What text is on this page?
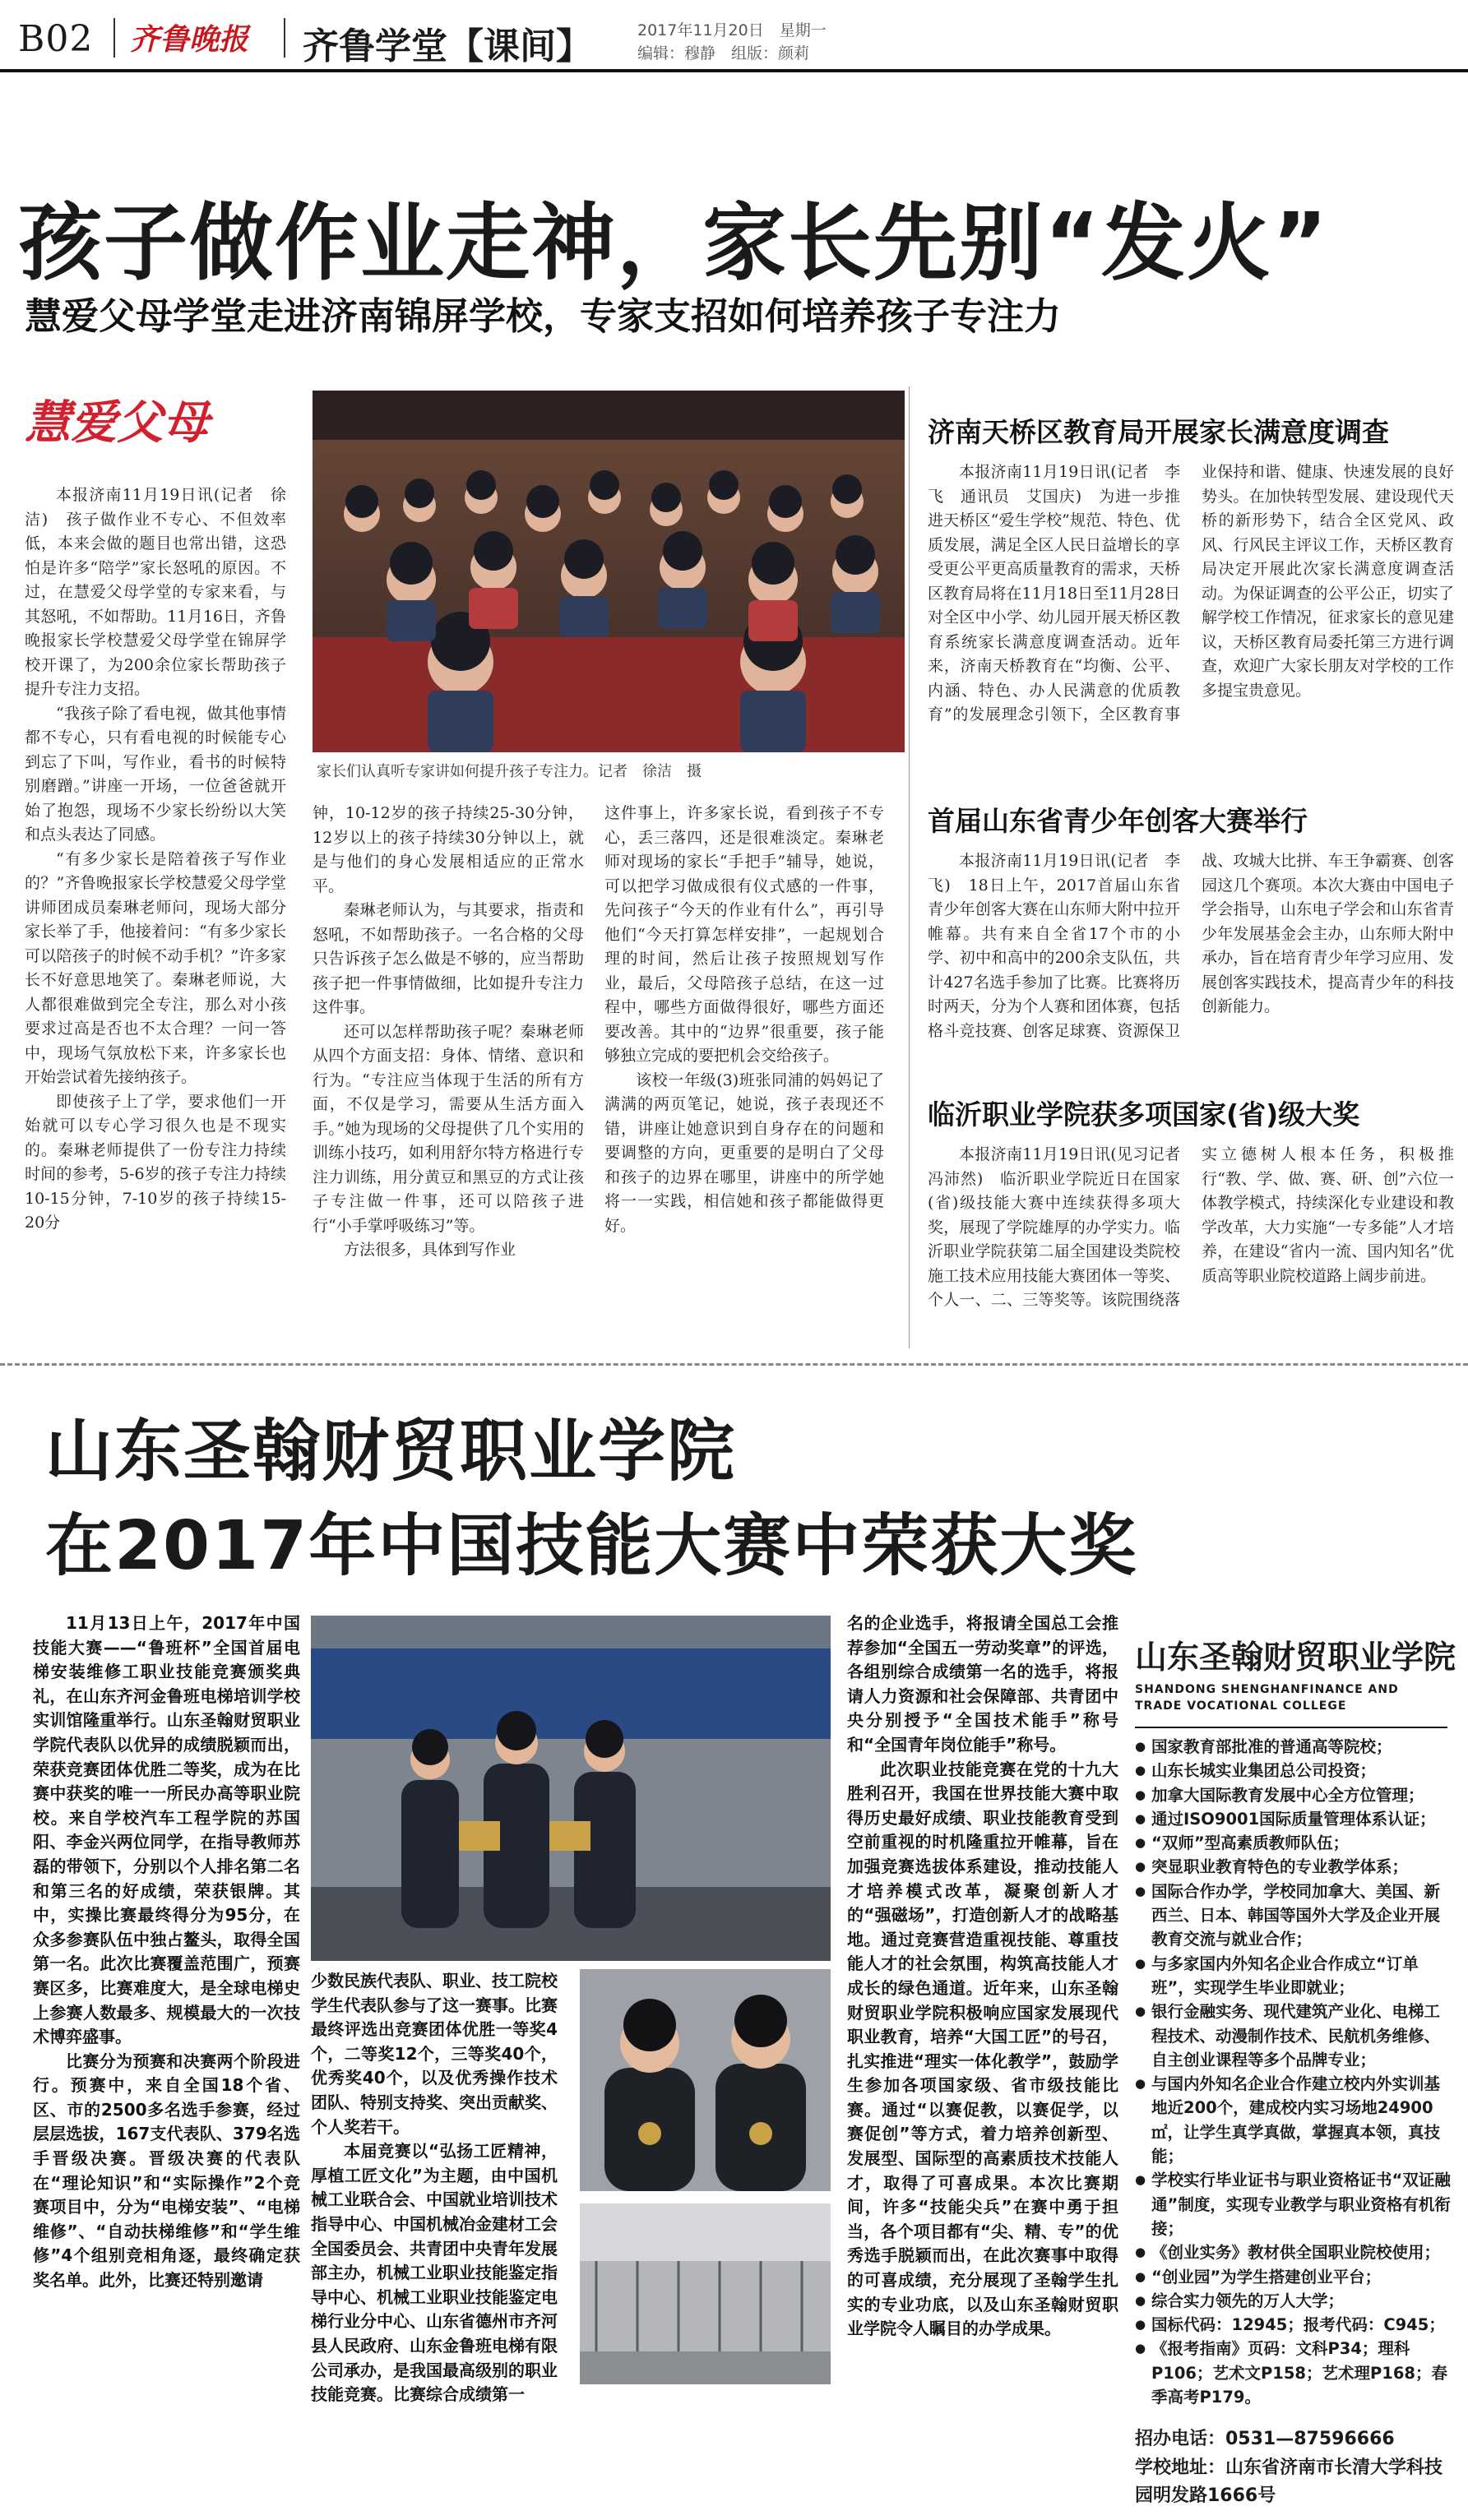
B02 齐鲁晚报 齐鲁学堂【课间】	2017年11月20日　星期一
编辑：穆静　组版：颜莉
孩子做作业走神，家长先别“发火”
慧爱父母学堂走进济南锦屏学校，专家支招如何培养孩子专注力
慧爱父母

本报济南11月19日讯(记者　徐洁)　孩子做作业不专心、不但效率低，本来会做的题目也常出错，这恐怕是许多“陪学”家长怒吼的原因。不过，在慧爱父母学堂的专家来看，与其怒吼，不如帮助。11月16日，齐鲁晚报家长学校慧爱父母学堂在锦屏学校开课了，为200余位家长帮助孩子提升专注力支招。

“我孩子除了看电视，做其他事情都不专心，只有看电视的时候能专心到忘了下叫，写作业，看书的时候特别磨蹭。”讲座一开场，一位爸爸就开始了抱怨，现场不少家长纷纷以大笑和点头表达了同感。

“有多少家长是陪着孩子写作业的？”齐鲁晚报家长学校慧爱父母学堂讲师团成员秦琳老师问，现场大部分家长举了手，他接着问：“有多少家长可以陪孩子的时候不动手机？”许多家长不好意思地笑了。秦琳老师说，大人都很难做到完全专注，那么对小孩要求过高是否也不太合理？一问一答中，现场气氛放松下来，许多家长也开始尝试着先接纳孩子。

即使孩子上了学，要求他们一开始就可以专心学习很久也是不现实的。秦琳老师提供了一份专注力持续时间的参考，5-6岁的孩子专注力持续10-15分钟，7-10岁的孩子持续15-20分

家长们认真听专家讲如何提升孩子专注力。记者　徐洁　摄

钟，10-12岁的孩子持续25-30分钟，12岁以上的孩子持续30分钟以上，就是与他们的身心发展相适应的正常水平。

秦琳老师认为，与其要求，指责和怒吼，不如帮助孩子。一名合格的父母只告诉孩子怎么做是不够的，应当帮助孩子把一件事情做细，比如提升专注力这件事。

还可以怎样帮助孩子呢？秦琳老师从四个方面支招：身体、情绪、意识和行为。“专注应当体现于生活的所有方面，不仅是学习，需要从生活方面入手。”她为现场的父母提供了几个实用的训练小技巧，如利用舒尔特方格进行专注力训练，用分黄豆和黑豆的方式让孩子专注做一件事，还可以陪孩子进行“小手掌呼吸练习”等。

方法很多，具体到写作业

这件事上，许多家长说，看到孩子不专心，丢三落四，还是很难淡定。秦琳老师对现场的家长“手把手”辅导，她说，可以把学习做成很有仪式感的一件事，先问孩子“今天的作业有什么”，再引导他们“今天打算怎样安排”，一起规划合理的时间，然后让孩子按照规划写作业，最后，父母陪孩子总结，在这一过程中，哪些方面做得很好，哪些方面还要改善。其中的“边界”很重要，孩子能够独立完成的要把机会交给孩子。

该校一年级(3)班张同浦的妈妈记了满满的两页笔记，她说，孩子表现还不错，讲座让她意识到自身存在的问题和要调整的方向，更重要的是明白了父母和孩子的边界在哪里，讲座中的所学她将一一实践，相信她和孩子都能做得更好。

济南天桥区教育局开展家长满意度调查

本报济南11月19日讯(记者　李飞　通讯员　艾国庆)　为进一步推进天桥区“爱生学校”规范、特色、优质发展，满足全区人民日益增长的享受更公平更高质量教育的需求，天桥区教育局将在11月18日至11月28日对全区中小学、幼儿园开展天桥区教育系统家长满意度调查活动。近年来，济南天桥教育在“均衡、公平、内涵、特色、办人民满意的优质教育”的发展理念引领下，全区教育事业保持和谐、健康、快速发展的良好势头。在加快转型发展、建设现代天桥的新形势下，结合全区党风、政风、行风民主评议工作，天桥区教育局决定开展此次家长满意度调查活动。为保证调查的公平公正，切实了解学校工作情况，征求家长的意见建议，天桥区教育局委托第三方进行调查，欢迎广大家长朋友对学校的工作多提宝贵意见。

首届山东省青少年创客大赛举行

本报济南11月19日讯(记者　李飞)　18日上午，2017首届山东省青少年创客大赛在山东师大附中拉开帷幕。共有来自全省17个市的小学、初中和高中的200余支队伍，共计427名选手参加了比赛。比赛将历时两天，分为个人赛和团体赛，包括格斗竞技赛、创客足球赛、资源保卫战、攻城大比拼、车王争霸赛、创客园这几个赛项。本次大赛由中国电子学会指导，山东电子学会和山东省青少年发展基金会主办，山东师大附中承办，旨在培育青少年学习应用、发展创客实践技术，提高青少年的科技创新能力。

临沂职业学院获多项国家(省)级大奖

本报济南11月19日讯(见习记者　冯沛然)　临沂职业学院近日在国家(省)级技能大赛中连续获得多项大奖，展现了学院雄厚的办学实力。临沂职业学院获第二届全国建设类院校施工技术应用技能大赛团体一等奖、个人一、二、三等奖等。该院围绕落实立德树人根本任务，积极推行“教、学、做、赛、研、创”六位一体教学模式，持续深化专业建设和教学改革，大力实施“一专多能”人才培养，在建设“省内一流、国内知名”优质高等职业院校道路上阔步前进。

山东圣翰财贸职业学院
在2017年中国技能大赛中荣获大奖

11月13日上午，2017年中国技能大赛——“鲁班杯”全国首届电梯安装维修工职业技能竞赛颁奖典礼，在山东齐河金鲁班电梯培训学校实训馆隆重举行。山东圣翰财贸职业学院代表队以优异的成绩脱颖而出，荣获竞赛团体优胜二等奖，成为在比赛中获奖的唯一一所民办高等职业院校。来自学校汽车工程学院的苏国阳、李金兴两位同学，在指导教师苏磊的带领下，分别以个人排名第二名和第三名的好成绩，荣获银牌。其中，实操比赛最终得分为95分，在众多参赛队伍中独占鳌头，取得全国第一名。此次比赛覆盖范围广，预赛赛区多，比赛难度大，是全球电梯史上参赛人数最多、规模最大的一次技术博弈盛事。

比赛分为预赛和决赛两个阶段进行。预赛中，来自全国18个省、区、市的2500多名选手参赛，经过层层选拔，167支代表队、379名选手晋级决赛。晋级决赛的代表队在“理论知识”和“实际操作”2个竞赛项目中，分为“电梯安装”、“电梯维修”、“自动扶梯维修”和“学生维修”4个组别竞相角逐，最终确定获奖名单。此外，比赛还特别邀请

少数民族代表队、职业、技工院校学生代表队参与了这一赛事。比赛最终评选出竞赛团体优胜一等奖4个，二等奖12个，三等奖40个，优秀奖40个，以及优秀操作技术团队、特别支持奖、突出贡献奖、个人奖若干。

本届竞赛以“弘扬工匠精神，厚植工匠文化”为主题，由中国机械工业联合会、中国就业培训技术指导中心、中国机械冶金建材工会全国委员会、共青团中央青年发展部主办，机械工业职业技能鉴定指导中心、机械工业职业技能鉴定电梯行业分中心、山东省德州市齐河县人民政府、山东金鲁班电梯有限公司承办，是我国最高级别的职业技能竞赛。比赛综合成绩第一

名的企业选手，将报请全国总工会推荐参加“全国五一劳动奖章”的评选，各组别综合成绩第一名的选手，将报请人力资源和社会保障部、共青团中央分别授予“全国技术能手”称号和“全国青年岗位能手”称号。

此次职业技能竞赛在党的十九大胜利召开，我国在世界技能大赛中取得历史最好成绩、职业技能教育受到空前重视的时机隆重拉开帷幕，旨在加强竞赛选拔体系建设，推动技能人才培养模式改革，凝聚创新人才的“强磁场”，打造创新人才的战略基地。通过竞赛营造重视技能、尊重技能人才的社会氛围，构筑高技能人才成长的绿色通道。近年来，山东圣翰财贸职业学院积极响应国家发展现代职业教育，培养“大国工匠”的号召，扎实推进“理实一体化教学”，鼓励学生参加各项国家级、省市级技能比赛。通过“以赛促教，以赛促学，以赛促创”等方式，着力培养创新型、发展型、国际型的高素质技术技能人才，取得了可喜成果。本次比赛期间，许多“技能尖兵”在赛中勇于担当，各个项目都有“尖、精、专”的优秀选手脱颖而出，在此次赛事中取得的可喜成绩，充分展现了圣翰学生扎实的专业功底，以及山东圣翰财贸职业学院令人瞩目的办学成果。

山东圣翰财贸职业学院
SHANDONG SHENGHANFINANCE AND TRADE VOCATIONAL COLLEGE
● 国家教育部批准的普通高等院校；
● 山东长城实业集团总公司投资；
● 加拿大国际教育发展中心全方位管理；
● 通过ISO9001国际质量管理体系认证；
● “双师”型高素质教师队伍；
● 突显职业教育特色的专业教学体系；
● 国际合作办学，学校同加拿大、美国、新西兰、日本、韩国等国外大学及企业开展教育交流与就业合作；
● 与多家国内外知名企业合作成立“订单班”，实现学生毕业即就业；
● 银行金融实务、现代建筑产业化、电梯工程技术、动漫制作技术、民航机务维修、自主创业课程等多个品牌专业；
● 与国内外知名企业合作建立校内外实训基地近200个，建成校内实习场地24900㎡，让学生真学真做，掌握真本领，真技能；
● 学校实行毕业证书与职业资格证书“双证融通”制度，实现专业教学与职业资格有机衔接；
● 《创业实务》教材供全国职业院校使用；
● “创业园”为学生搭建创业平台；
● 综合实力领先的万人大学；
● 国标代码：12945；报考代码：C945；
● 《报考指南》页码：文科P34；理科P106；艺术文P158；艺术理P168；春季高考P179。
招办电话：0531—87596666
学校地址：山东省济南市长清大学科技园明发路1666号
